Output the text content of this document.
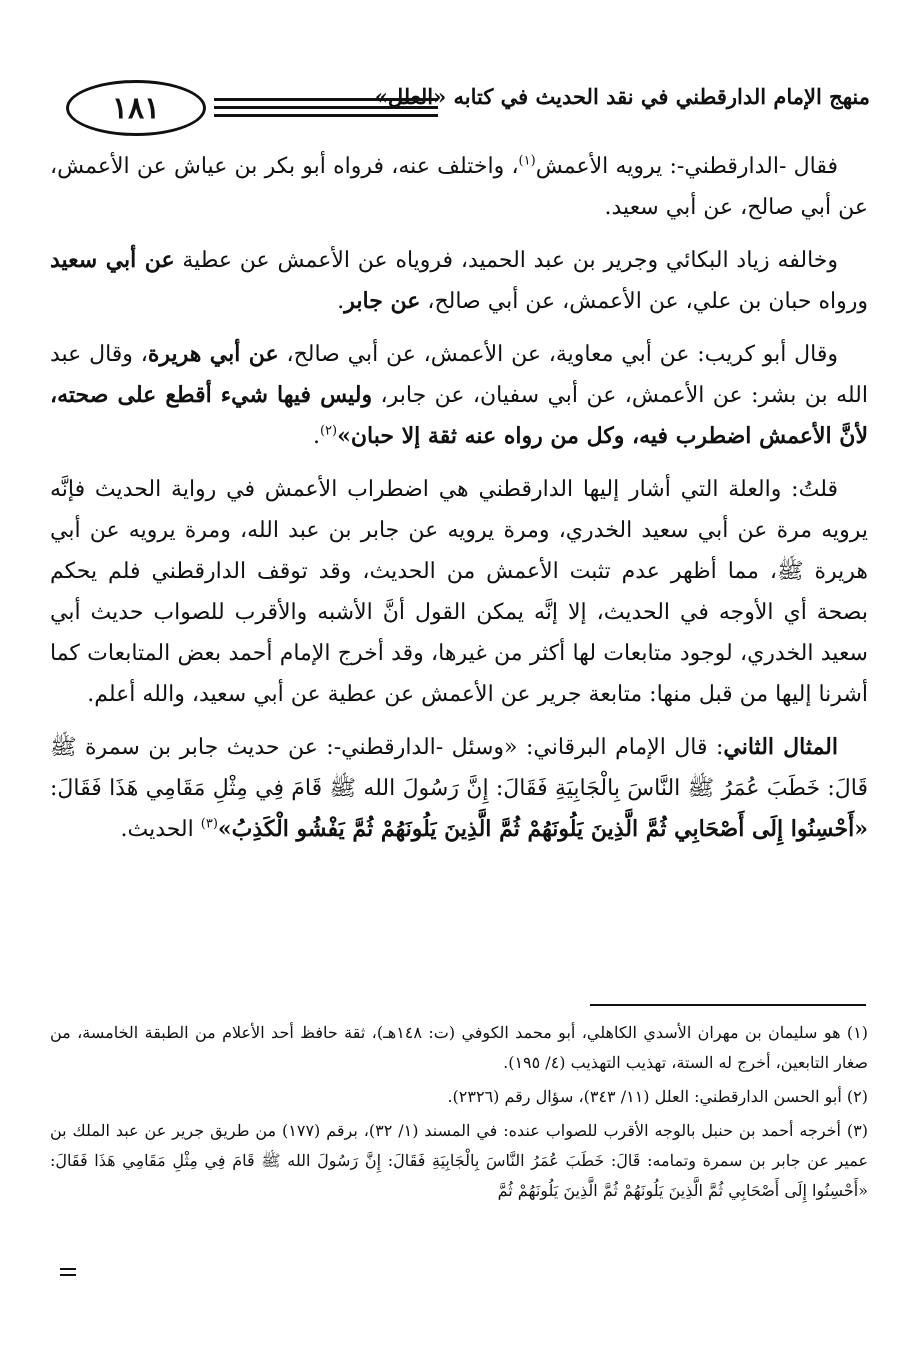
١٨١	منهج الإمام الدارقطني في نقد الحديث في كتابه «العلل»

فقال -الدارقطني-: يرويه الأعمش$^{(١)}$، واختلف عنه، فرواه أبو بكر بن عياش عن الأعمش، عن أبي صالح، عن أبي سعيد.

وخالفه زياد البكائي وجرير بن عبد الحميد، فروياه عن الأعمش عن عطية عن أبي سعيد ورواه حبان بن علي، عن الأعمش، عن أبي صالح، عن جابر.

وقال أبو كريب: عن أبي معاوية، عن الأعمش، عن أبي صالح، عن أبي هريرة، وقال عبد الله بن بشر: عن الأعمش، عن أبي سفيان، عن جابر، وليس فيها شيء أقطع على صحته، لأنَّ الأعمش اضطرب فيه، وكل من رواه عنه ثقة إلا حبان»$^{(٢)}$.

قلتُ: والعلة التي أشار إليها الدارقطني هي اضطراب الأعمش في رواية الحديث فإنَّه يرويه مرة عن أبي سعيد الخدري، ومرة يرويه عن جابر بن عبد الله، ومرة يرويه عن أبي هريرة ﷺ، مما أظهر عدم تثبت الأعمش من الحديث، وقد توقف الدارقطني فلم يحكم بصحة أي الأوجه في الحديث، إلا إنَّه يمكن القول أنَّ الأشبه والأقرب للصواب حديث أبي سعيد الخدري، لوجود متابعات لها أكثر من غيرها، وقد أخرج الإمام أحمد بعض المتابعات كما أشرنا إليها من قبل منها: متابعة جرير عن الأعمش عن عطية عن أبي سعيد، والله أعلم.

المثال الثاني: قال الإمام البرقاني: «وسئل -الدارقطني-: عن حديث جابر بن سمرة ﷺ قَالَ: خَطَبَ عُمَرُ ﷺ النَّاسَ بِالْجَابِيَةِ فَقَالَ: إِنَّ رَسُولَ الله ﷺ قَامَ فِي مِثْلِ مَقَامِي هَذَا فَقَالَ: «أَحْسِنُوا إِلَى أَصْحَابِي ثُمَّ الَّذِينَ يَلُونَهُمْ ثُمَّ الَّذِينَ يَلُونَهُمْ ثُمَّ يَفْشُو الْكَذِبُ»$^{(٣)}$ الحديث.

(١) هو سليمان بن مهران الأسدي الكاهلي، أبو محمد الكوفي (ت: ١٤٨هـ)، ثقة حافظ أحد الأعلام من الطبقة الخامسة، من صغار التابعين، أخرج له الستة، تهذيب التهذيب (٤/ ١٩٥).

(٢) أبو الحسن الدارقطني: العلل (١١/ ٣٤٣)، سؤال رقم (٢٣٢٦).

(٣) أخرجه أحمد بن حنبل بالوجه الأقرب للصواب عنده: في المسند (١/ ٣٢)، برقم (١٧٧) من طريق جرير عن عبد الملك بن عمير عن جابر بن سمرة وتمامه: قَالَ: خَطَبَ عُمَرُ النَّاسَ بِالْجَابِيَةِ فَقَالَ: إِنَّ رَسُولَ الله ﷺ قَامَ فِي مِثْلِ مَقَامِي هَذَا فَقَالَ: «أَحْسِنُوا إِلَى أَصْحَابِي ثُمَّ الَّذِينَ يَلُونَهُمْ ثُمَّ الَّذِينَ يَلُونَهُمْ ثُمَّ
